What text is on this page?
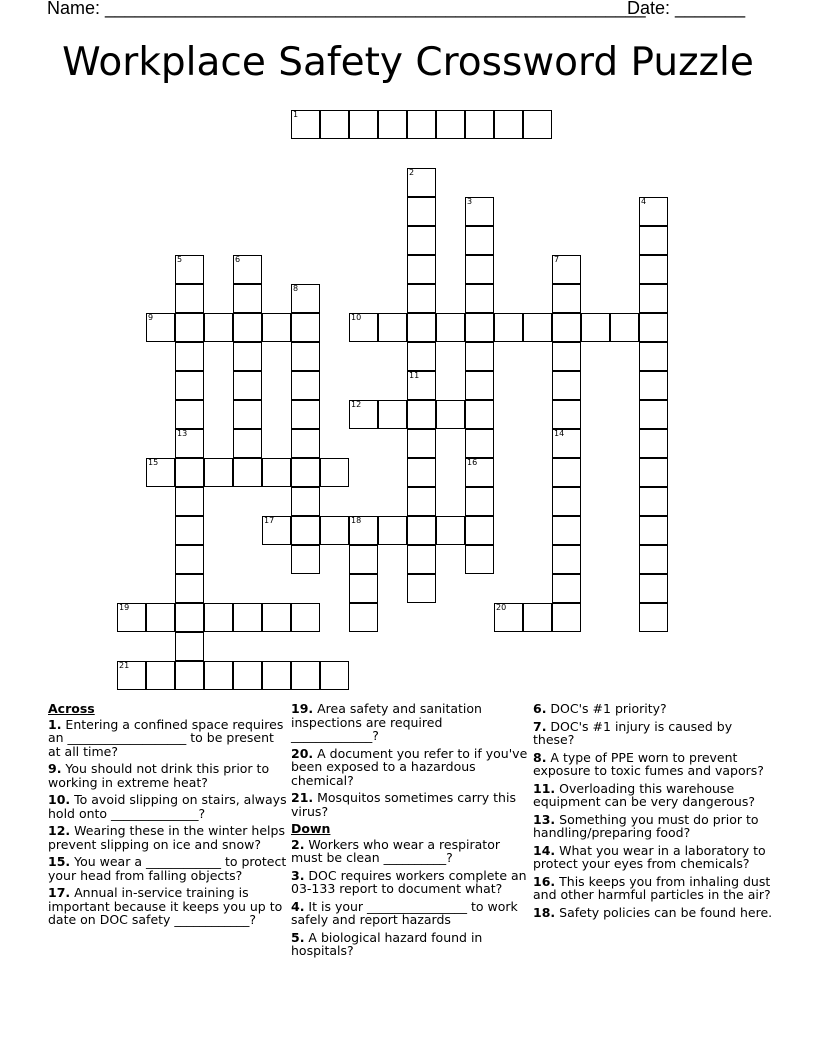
Name: ______________________________________________________
Date: _______
Workplace Safety Crossword Puzzle
1
2
11
3
16
4
5	6	7
8
9	10
12
13	14
15
17	18
19	20
21
Across
1. Entering a confined space requires an ___________________ to be present at all time?
9. You should not drink this prior to working in extreme heat?
10. To avoid slipping on stairs, always hold onto ______________?
12. Wearing these in the winter helps prevent slipping on ice and snow?
15. You wear a ____________ to protect your head from falling objects?
17. Annual in-service training is important because it keeps you up to date on DOC safety ____________?
19. Area safety and sanitation inspections are required _____________?
20. A document you refer to if you've been exposed to a hazardous chemical?
21. Mosquitos sometimes carry this virus?
Down
2. Workers who wear a respirator must be clean __________?
3. DOC requires workers complete an 03-133 report to document what?
4. It is your ________________ to work safely and report hazards
5. A biological hazard found in hospitals?
6. DOC's #1 priority?
7. DOC's #1 injury is caused by these?
8. A type of PPE worn to prevent exposure to toxic fumes and vapors?
11. Overloading this warehouse equipment can be very dangerous?
13. Something you must do prior to handling/preparing food?
14. What you wear in a laboratory to protect your eyes from chemicals?
16. This keeps you from inhaling dust and other harmful particles in the air?
18. Safety policies can be found here.
